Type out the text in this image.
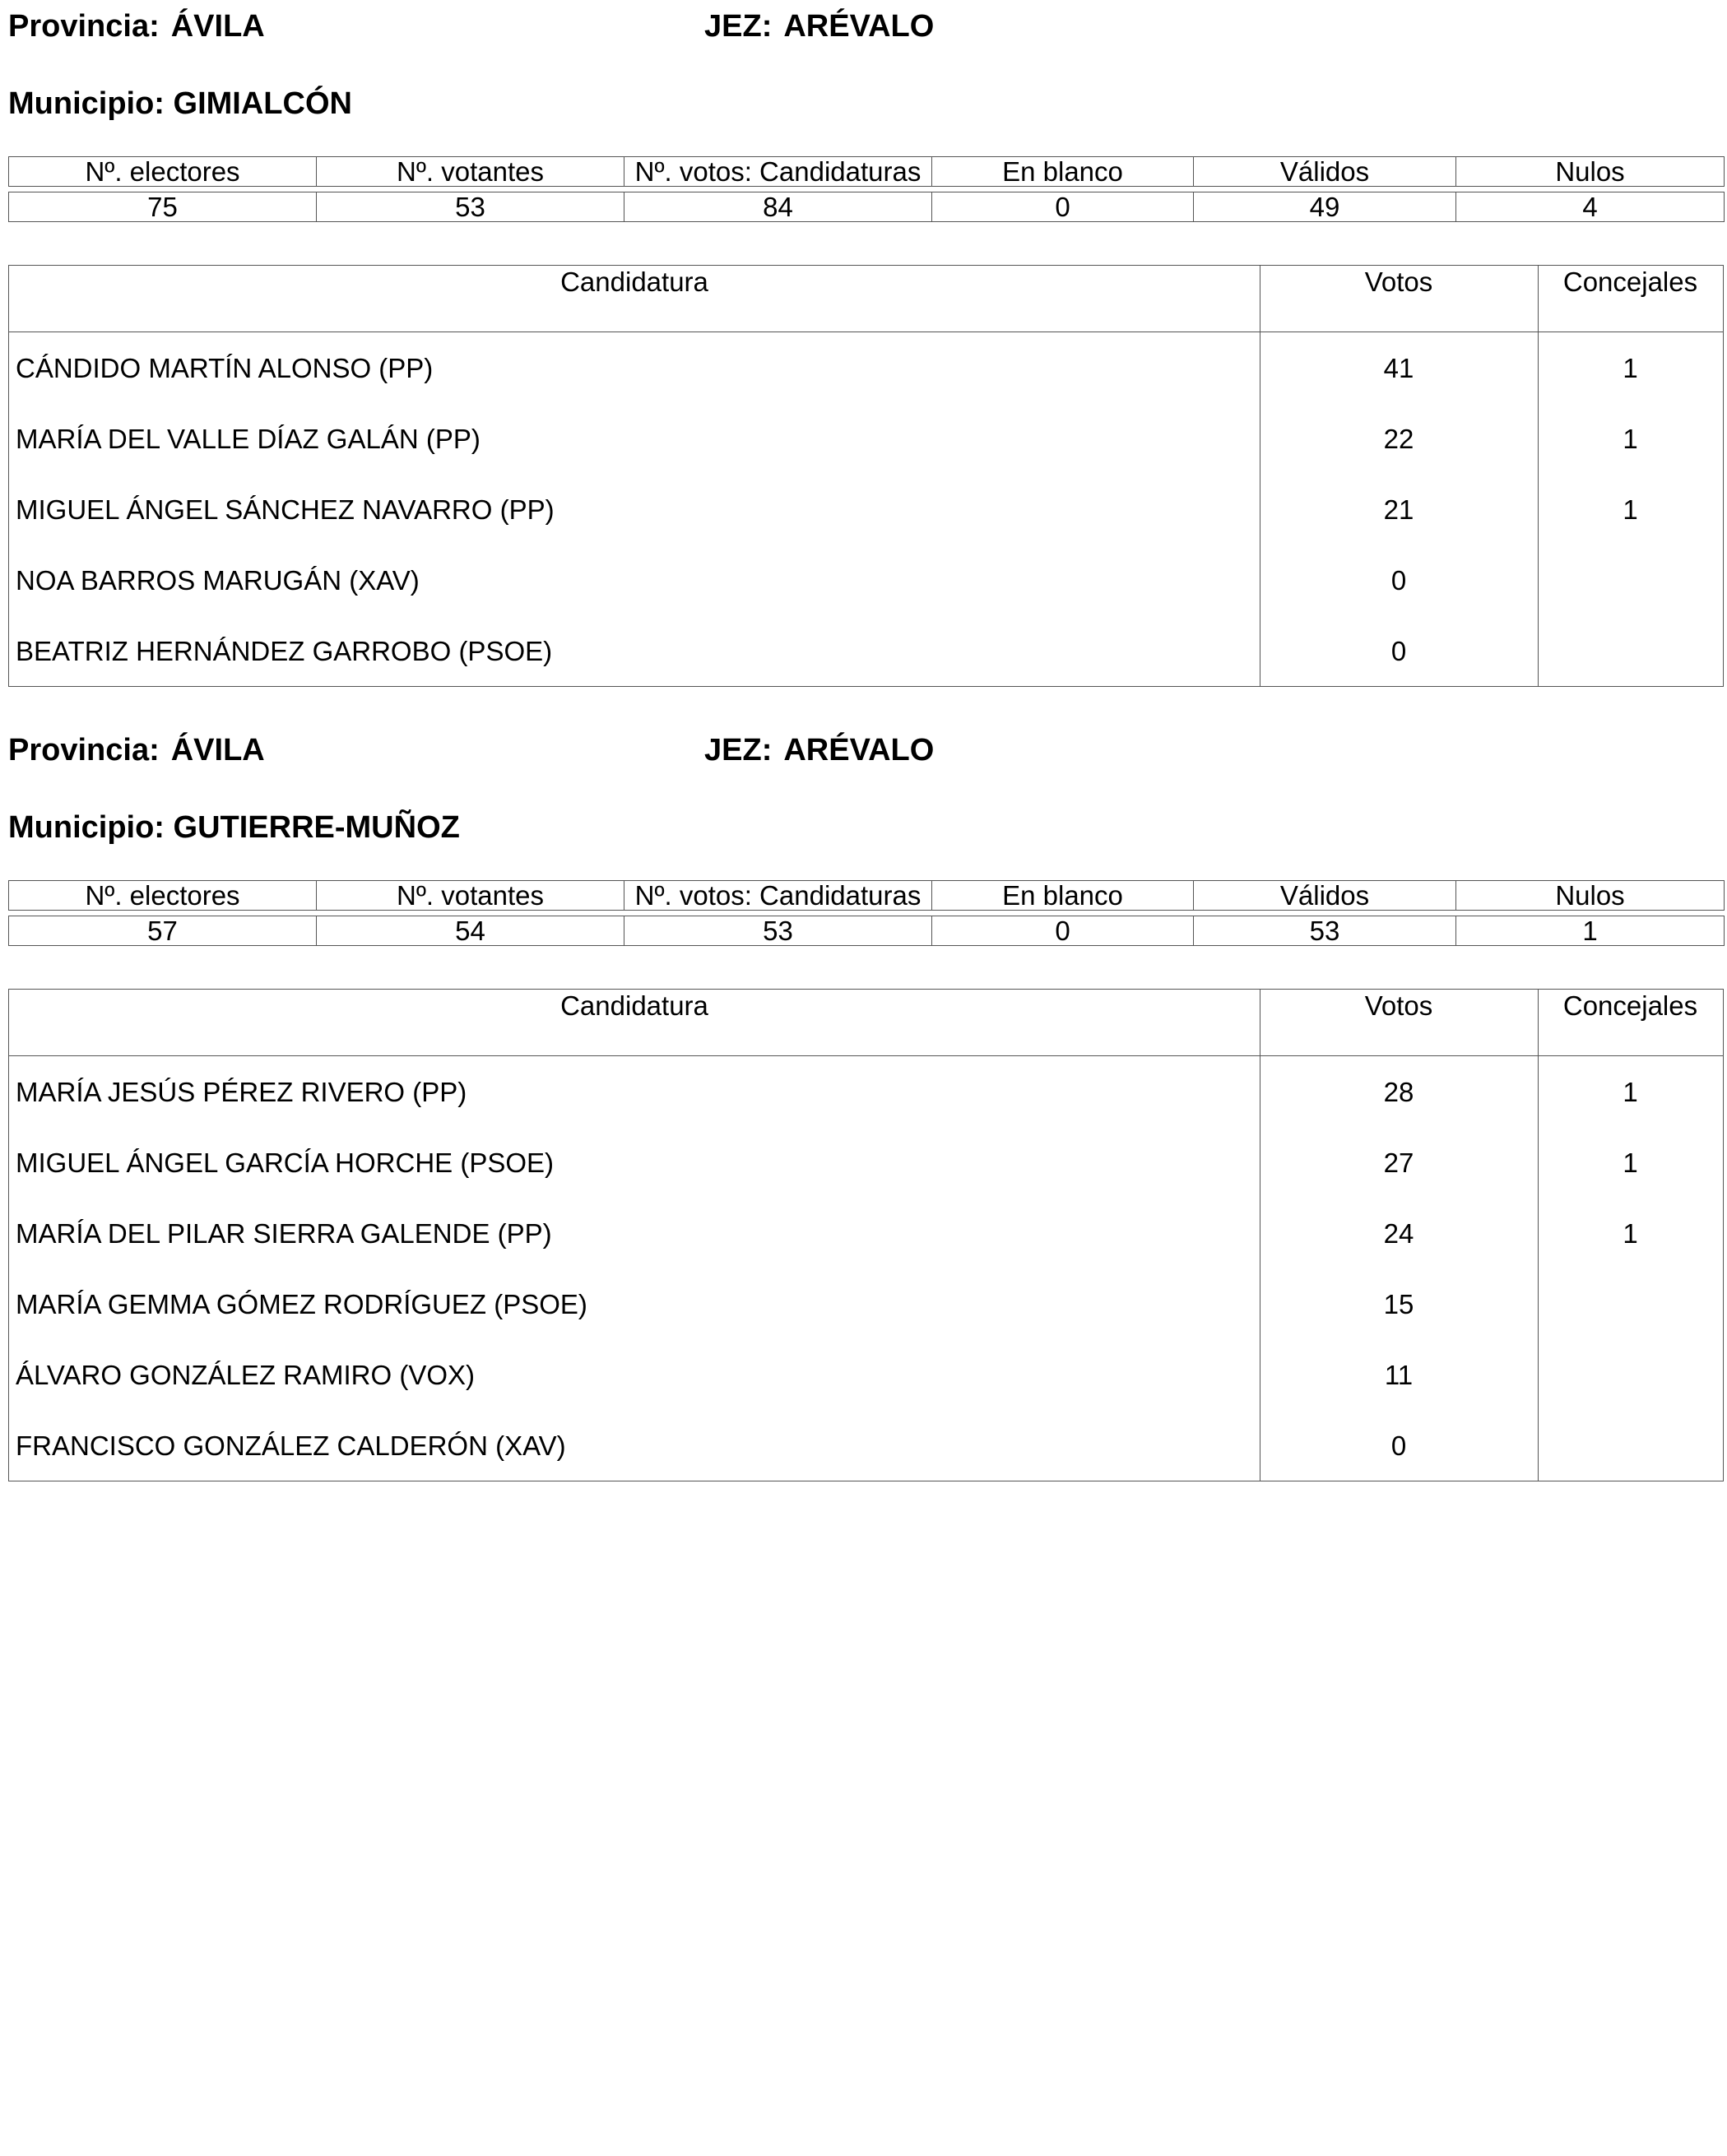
Provincia: ÁVILA	JEZ: ARÉVALO
Municipio: GIMIALCÓN
Nº. electores	Nº. votantes	Nº. votos: Candidaturas	En blanco	Válidos	Nulos

75	53	84	0	49	4
Candidatura	Votos	Concejales
CÁNDIDO MARTÍN ALONSO (PP)	41	1
MARÍA DEL VALLE DÍAZ GALÁN (PP)	22	1
MIGUEL ÁNGEL SÁNCHEZ NAVARRO (PP)	21	1
NOA BARROS MARUGÁN (XAV)	0
BEATRIZ HERNÁNDEZ GARROBO (PSOE)	0
Provincia: ÁVILA	JEZ: ARÉVALO
Municipio: GUTIERRE-MUÑOZ
Nº. electores	Nº. votantes	Nº. votos: Candidaturas	En blanco	Válidos	Nulos

57	54	53	0	53	1
Candidatura	Votos	Concejales
MARÍA JESÚS PÉREZ RIVERO (PP)	28	1
MIGUEL ÁNGEL GARCÍA HORCHE (PSOE)	27	1
MARÍA DEL PILAR SIERRA GALENDE (PP)	24	1
MARÍA GEMMA GÓMEZ RODRÍGUEZ (PSOE)	15
ÁLVARO GONZÁLEZ RAMIRO (VOX)	11
FRANCISCO GONZÁLEZ CALDERÓN (XAV)	0
